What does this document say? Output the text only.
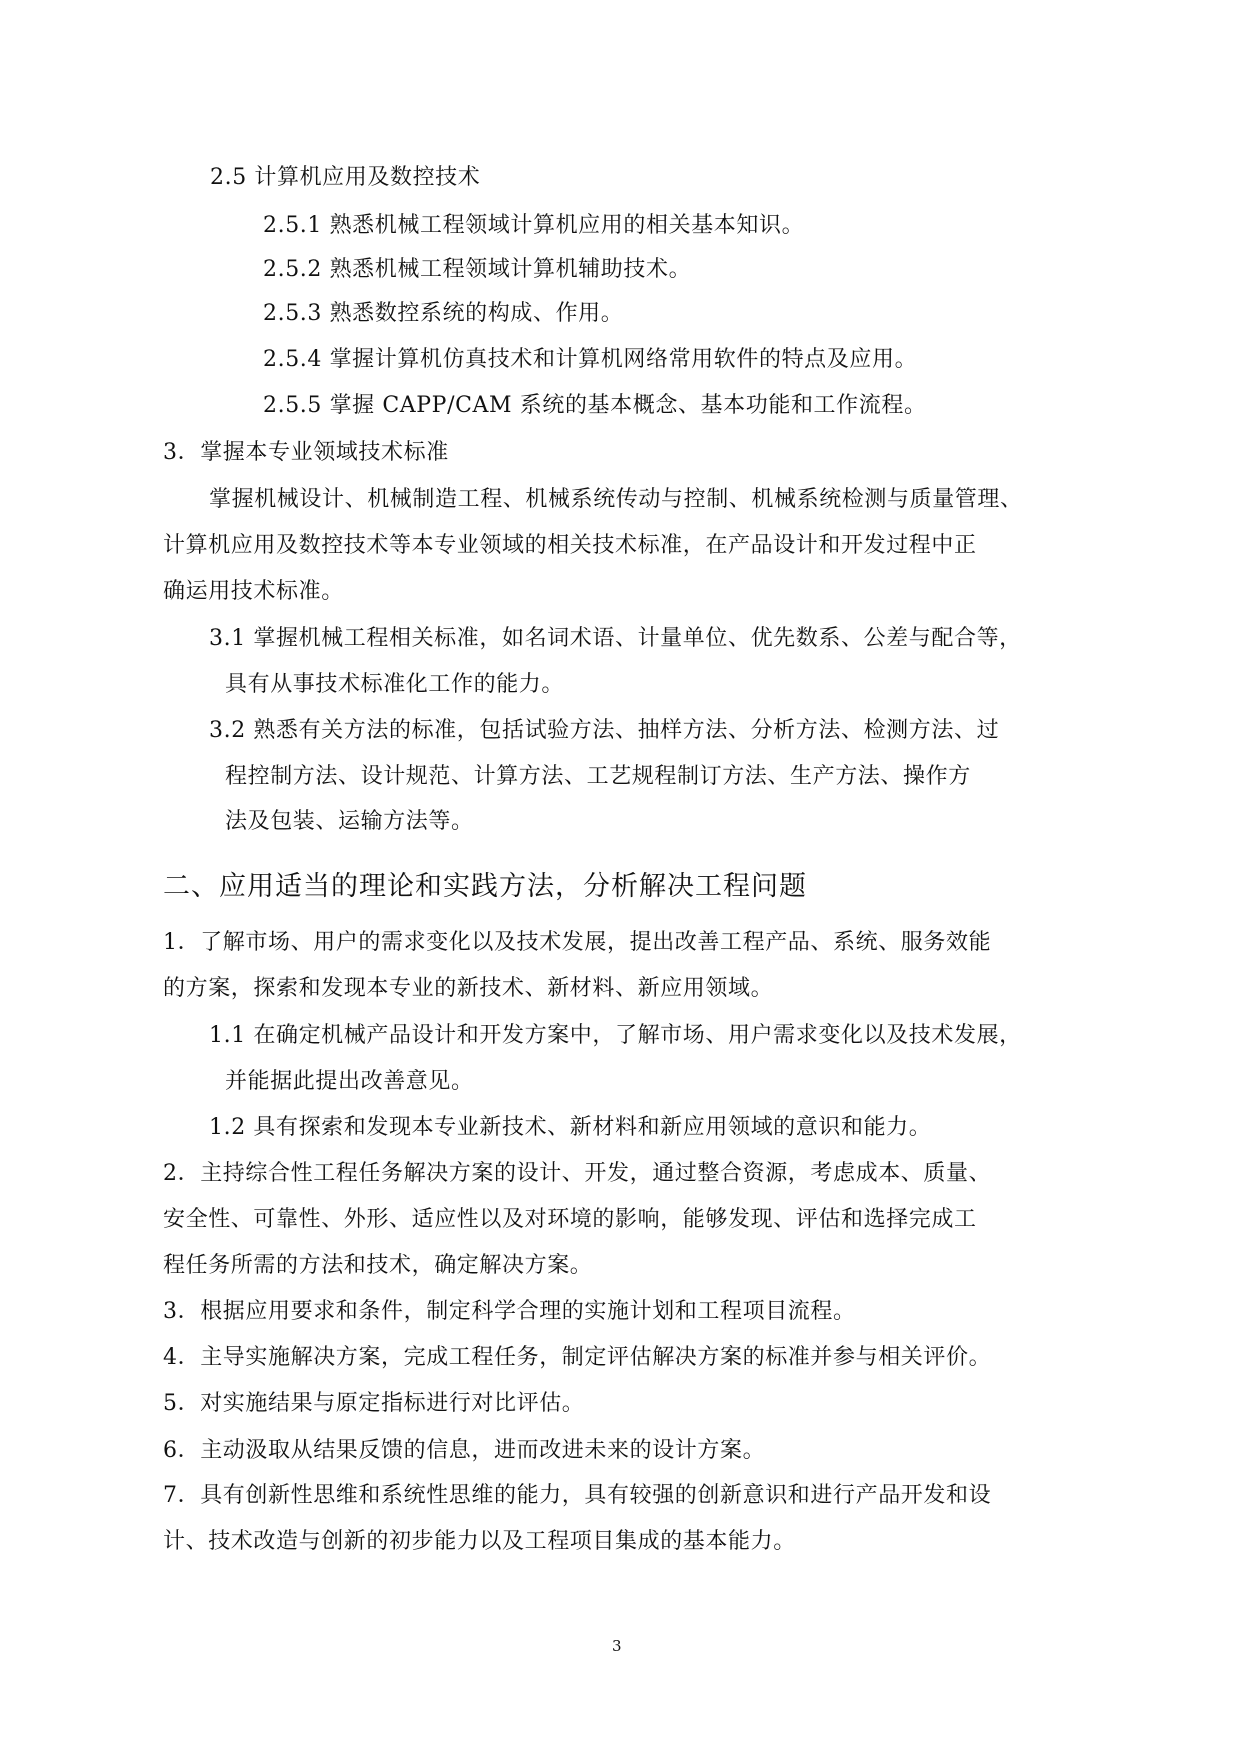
2.5 计算机应用及数控技术
2.5.1 熟悉机械工程领域计算机应用的相关基本知识。
2.5.2 熟悉机械工程领域计算机辅助技术。
2.5.3 熟悉数控系统的构成、作用。
2.5.4 掌握计算机仿真技术和计算机网络常用软件的特点及应用。
2.5.5 掌握 CAPP/CAM 系统的基本概念、基本功能和工作流程。
3．掌握本专业领域技术标准
掌握机械设计、机械制造工程、机械系统传动与控制、机械系统检测与质量管理、
计算机应用及数控技术等本专业领域的相关技术标准，在产品设计和开发过程中正
确运用技术标准。
3.1 掌握机械工程相关标准，如名词术语、计量单位、优先数系、公差与配合等，
具有从事技术标准化工作的能力。
3.2 熟悉有关方法的标准，包括试验方法、抽样方法、分析方法、检测方法、过
程控制方法、设计规范、计算方法、工艺规程制订方法、生产方法、操作方
法及包装、运输方法等。
二、应用适当的理论和实践方法，分析解决工程问题
1．了解市场、用户的需求变化以及技术发展，提出改善工程产品、系统、服务效能
的方案，探索和发现本专业的新技术、新材料、新应用领域。
1.1 在确定机械产品设计和开发方案中，了解市场、用户需求变化以及技术发展，
并能据此提出改善意见。
1.2 具有探索和发现本专业新技术、新材料和新应用领域的意识和能力。
2．主持综合性工程任务解决方案的设计、开发，通过整合资源，考虑成本、质量、
安全性、可靠性、外形、适应性以及对环境的影响，能够发现、评估和选择完成工
程任务所需的方法和技术，确定解决方案。
3．根据应用要求和条件，制定科学合理的实施计划和工程项目流程。
4．主导实施解决方案，完成工程任务，制定评估解决方案的标准并参与相关评价。
5．对实施结果与原定指标进行对比评估。
6．主动汲取从结果反馈的信息，进而改进未来的设计方案。
7．具有创新性思维和系统性思维的能力，具有较强的创新意识和进行产品开发和设
计、技术改造与创新的初步能力以及工程项目集成的基本能力。
3
